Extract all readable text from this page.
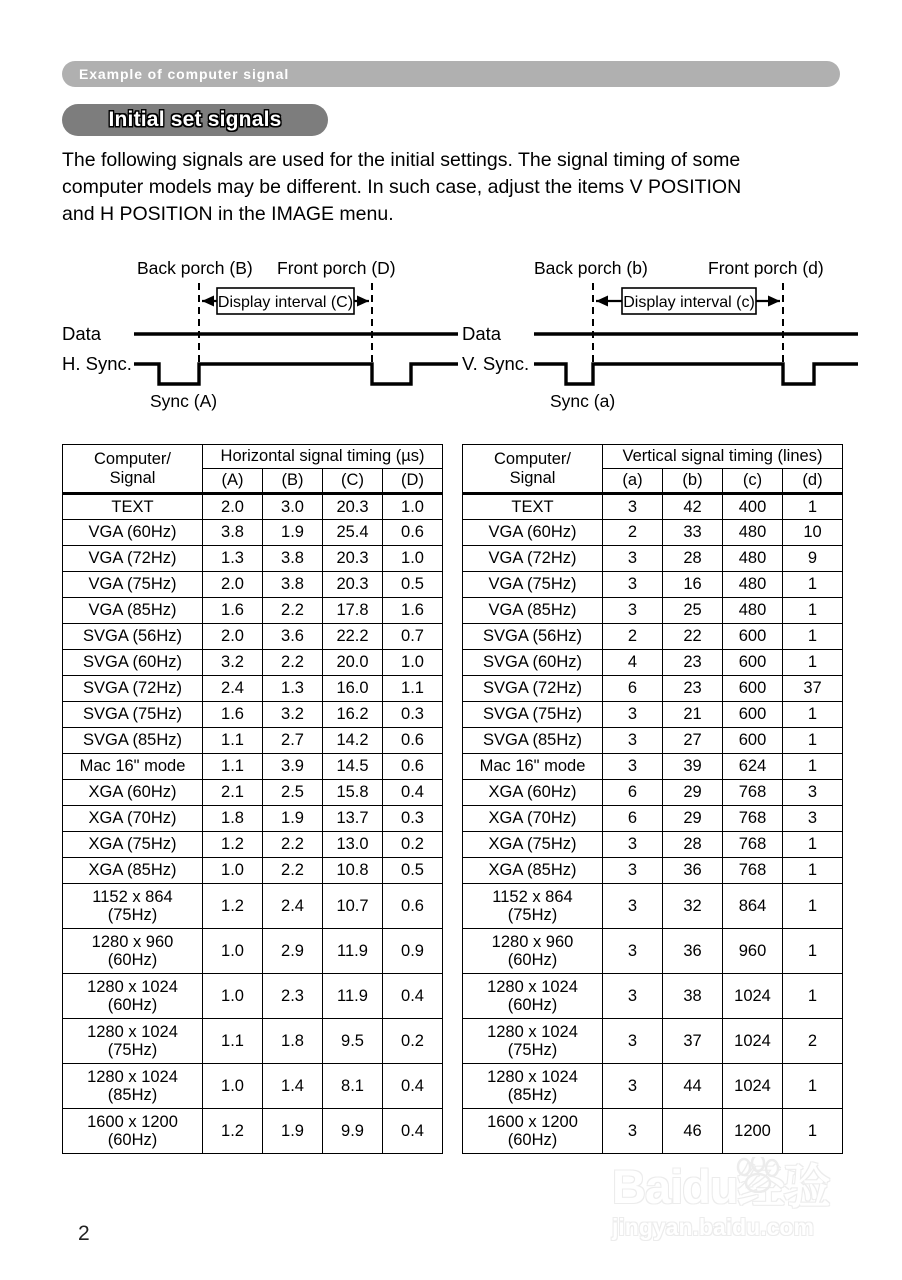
Example of computer signal
Initial set signals
The following signals are used for the initial settings. The signal timing of some
computer models may be different. In such case, adjust the items V POSITION
and H POSITION in the IMAGE menu.
Back porch (B) Front porch (D)
Display interval (C)
Data
H. Sync.
Sync (A)
Back porch (b)	Front porch (d)
Display interval (c)
Data
V. Sync.
Sync (a)
Computer/
Signal	Horizontal signal timing (µs)			
	(A)	(B)	(C)	(D)
TEXT	2.0	3.0	20.3	1.0
VGA (60Hz)	3.8	1.9	25.4	0.6
VGA (72Hz)	1.3	3.8	20.3	1.0
VGA (75Hz)	2.0	3.8	20.3	0.5
VGA (85Hz)	1.6	2.2	17.8	1.6
SVGA (56Hz)	2.0	3.6	22.2	0.7
SVGA (60Hz)	3.2	2.2	20.0	1.0
SVGA (72Hz)	2.4	1.3	16.0	1.1
SVGA (75Hz)	1.6	3.2	16.2	0.3
SVGA (85Hz)	1.1	2.7	14.2	0.6
Mac 16" mode	1.1	3.9	14.5	0.6
XGA (60Hz)	2.1	2.5	15.8	0.4
XGA (70Hz)	1.8	1.9	13.7	0.3
XGA (75Hz)	1.2	2.2	13.0	0.2
XGA (85Hz)	1.0	2.2	10.8	0.5

1152 x 864
(75Hz)	1.2	2.4	10.7	0.6

1280 x 960
(60Hz)	1.0	2.9	11.9	0.9

1280 x 1024
(60Hz)	1.0	2.3	11.9	0.4

1280 x 1024
(75Hz)	1.1	1.8	9.5	0.2

1280 x 1024
(85Hz)	1.0	1.4	8.1	0.4

1600 x 1200
(60Hz)	1.2	1.9	9.9	0.4
Computer/
Signal	Vertical signal timing (lines)			
	(a)	(b)	(c)	(d)
TEXT	3	42	400	1
VGA (60Hz)	2	33	480	10
VGA (72Hz)	3	28	480	9
VGA (75Hz)	3	16	480	1
VGA (85Hz)	3	25	480	1
SVGA (56Hz)	2	22	600	1
SVGA (60Hz)	4	23	600	1
SVGA (72Hz)	6	23	600	37
SVGA (75Hz)	3	21	600	1
SVGA (85Hz)	3	27	600	1
Mac 16" mode	3	39	624	1
XGA (60Hz)	6	29	768	3
XGA (70Hz)	6	29	768	3
XGA (75Hz)	3	28	768	1
XGA (85Hz)	3	36	768	1

1152 x 864
(75Hz)	3	32	864	1

1280 x 960
(60Hz)	3	36	960	1

1280 x 1024
(60Hz)	3	38	1024	1

1280 x 1024
(75Hz)	3	37	1024	2

1280 x 1024
(85Hz)	3	44	1024	1

1600 x 1200
(60Hz)	3	46	1200	1
Baidu经验
jingyan.baidu.com
2
